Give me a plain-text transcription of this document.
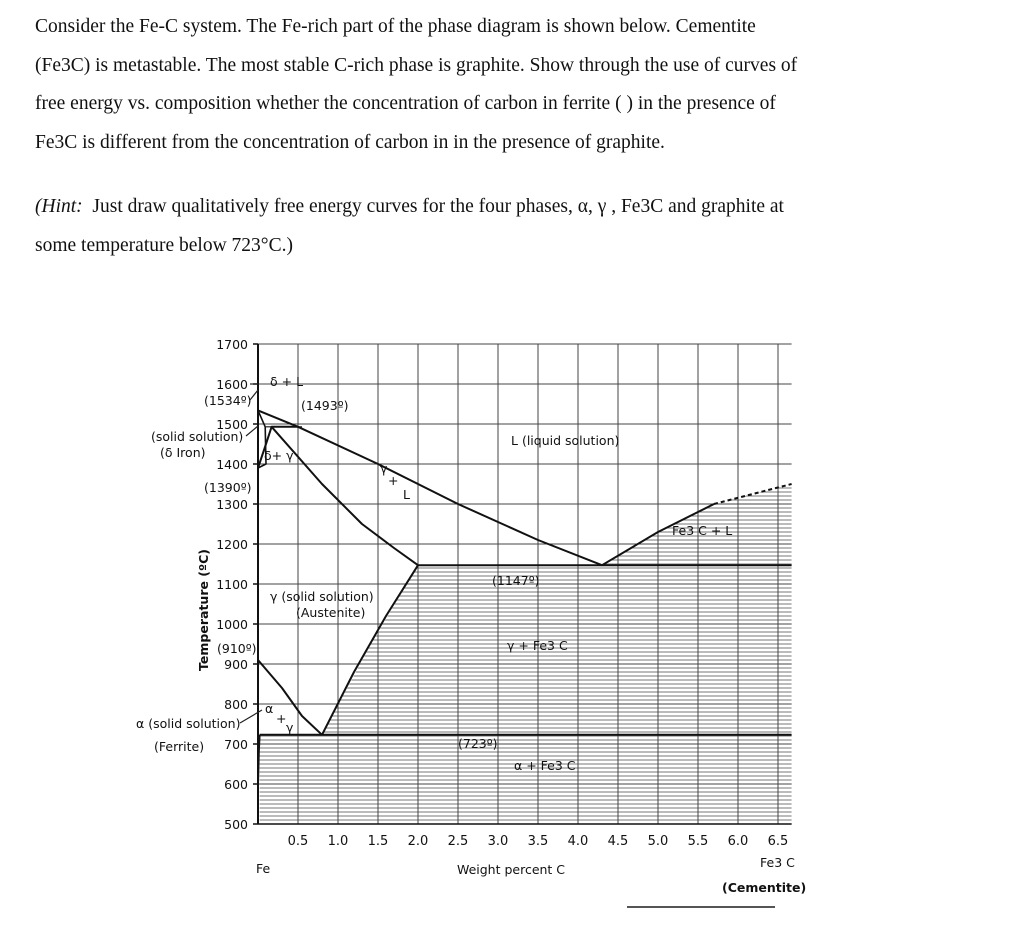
Consider the Fe-C system. The Fe-rich part of the phase diagram is shown below. Cementite

(Fe3C) is metastable. The most stable C-rich phase is graphite. Show through the use of curves of

free energy vs. composition whether the concentration of carbon in ferrite ( ) in the presence of

Fe3C is different from the concentration of carbon in in the presence of graphite.

(Hint: Just draw qualitatively free energy curves for the four phases, α, γ , Fe3C and graphite at

some temperature below 723°C.)

1700
1600
1500
1400
1300
1200
1100
1000
900
800
700
600
500
0.5 1.0 1.5 2.0 2.5 3.0 3.5 4.0 4.5 5.0 5.5 6.0 6.5
Temperature (ºC)
Weight percent C
(1534º)
(solid solution)
(δ Iron)
(1390º)
(910º)
α (solid solution)
(Ferrite)
δ + L
(1493º)
δ+ γ
L (liquid solution)
γ
+
L
Fe3 C + L
(1147º)
γ (solid solution)
(Austenite)
γ + Fe3 C
(723º)
α + Fe3 C
α
+
γ
Fe	Fe3 C
(Cementite)
